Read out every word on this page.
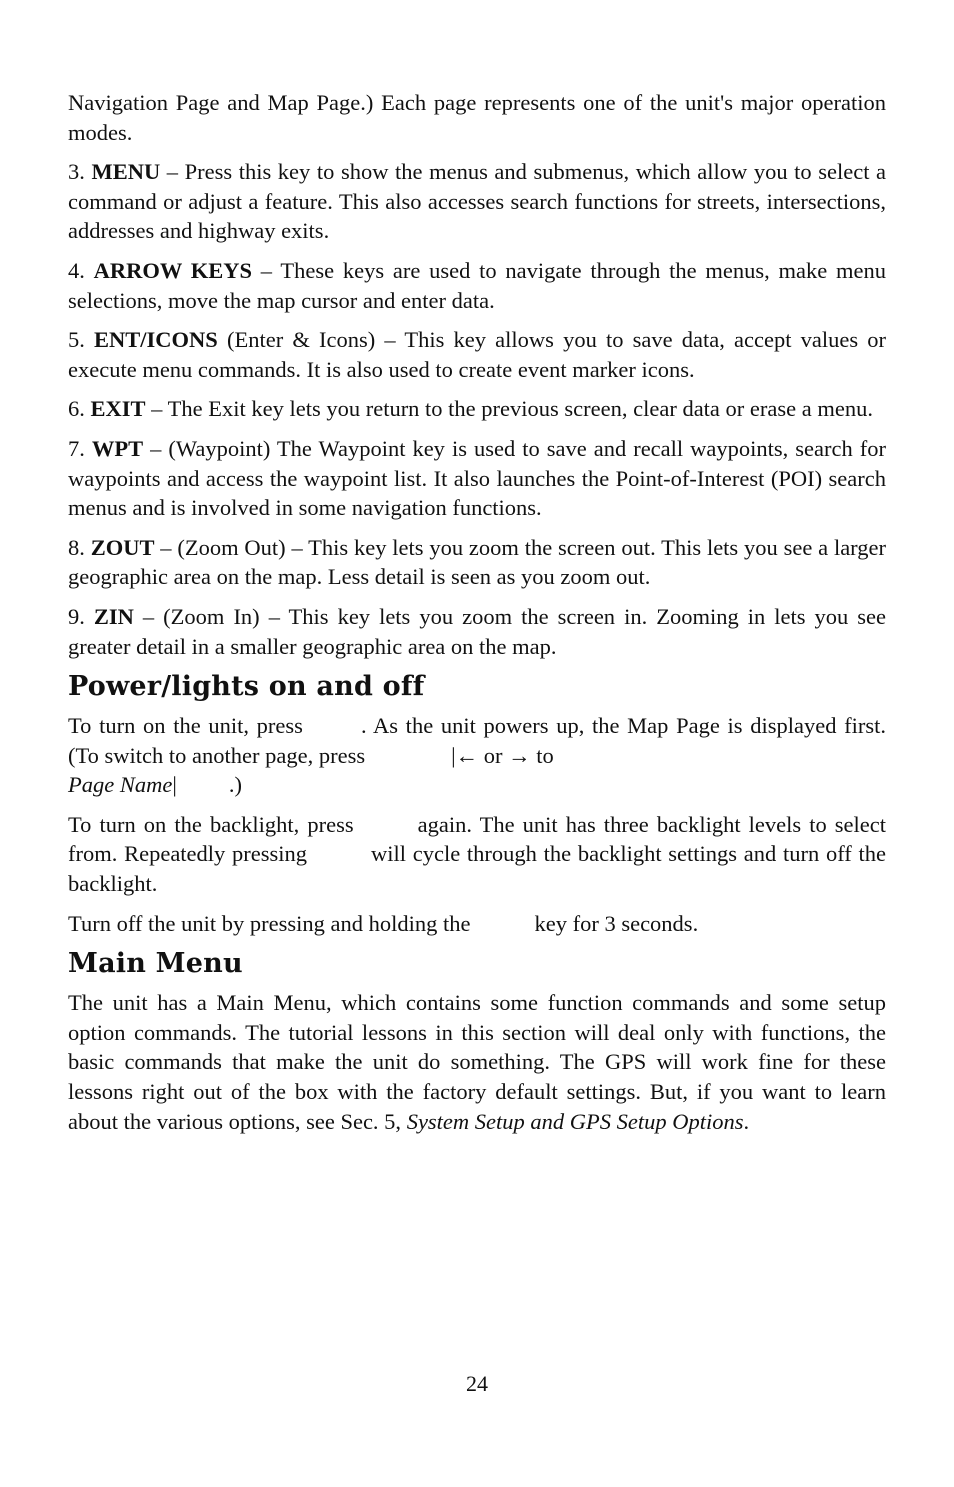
Navigation Page and Map Page.) Each page represents one of the unit's major operation modes.

3. MENU – Press this key to show the menus and submenus, which allow you to select a command or adjust a feature. This also accesses search functions for streets, intersections, addresses and highway exits.

4. ARROW KEYS – These keys are used to navigate through the menus, make menu selections, move the map cursor and enter data.

5. ENT/ICONS (Enter & Icons) – This key allows you to save data, accept values or execute menu commands. It is also used to create event marker icons.

6. EXIT – The Exit key lets you return to the previous screen, clear data or erase a menu.

7. WPT – (Waypoint) The Waypoint key is used to save and recall waypoints, search for waypoints and access the waypoint list. It also launches the Point-of-Interest (POI) search menus and is involved in some navigation functions.

8. ZOUT – (Zoom Out) – This key lets you zoom the screen out. This lets you see a larger geographic area on the map. Less detail is seen as you zoom out.

9. ZIN – (Zoom In) – This key lets you zoom the screen in. Zooming in lets you see greater detail in a smaller geographic area on the map.

Power/lights on and off

To turn on the unit, press	. As the unit powers up, the Map Page is displayed first. (To switch to another page, press	|← or → to
Page Name| .)

To turn on the backlight, press	again. The unit has three backlight levels to select from. Repeatedly pressing	will cycle through the backlight settings and turn off the backlight.

Turn off the unit by pressing and holding the	key for 3 seconds.

Main Menu

The unit has a Main Menu, which contains some function commands and some setup option commands. The tutorial lessons in this section will deal only with functions, the basic commands that make the unit do something. The GPS will work fine for these lessons right out of the box with the factory default settings. But, if you want to learn about the various options, see Sec. 5, System Setup and GPS Setup Options.

24
